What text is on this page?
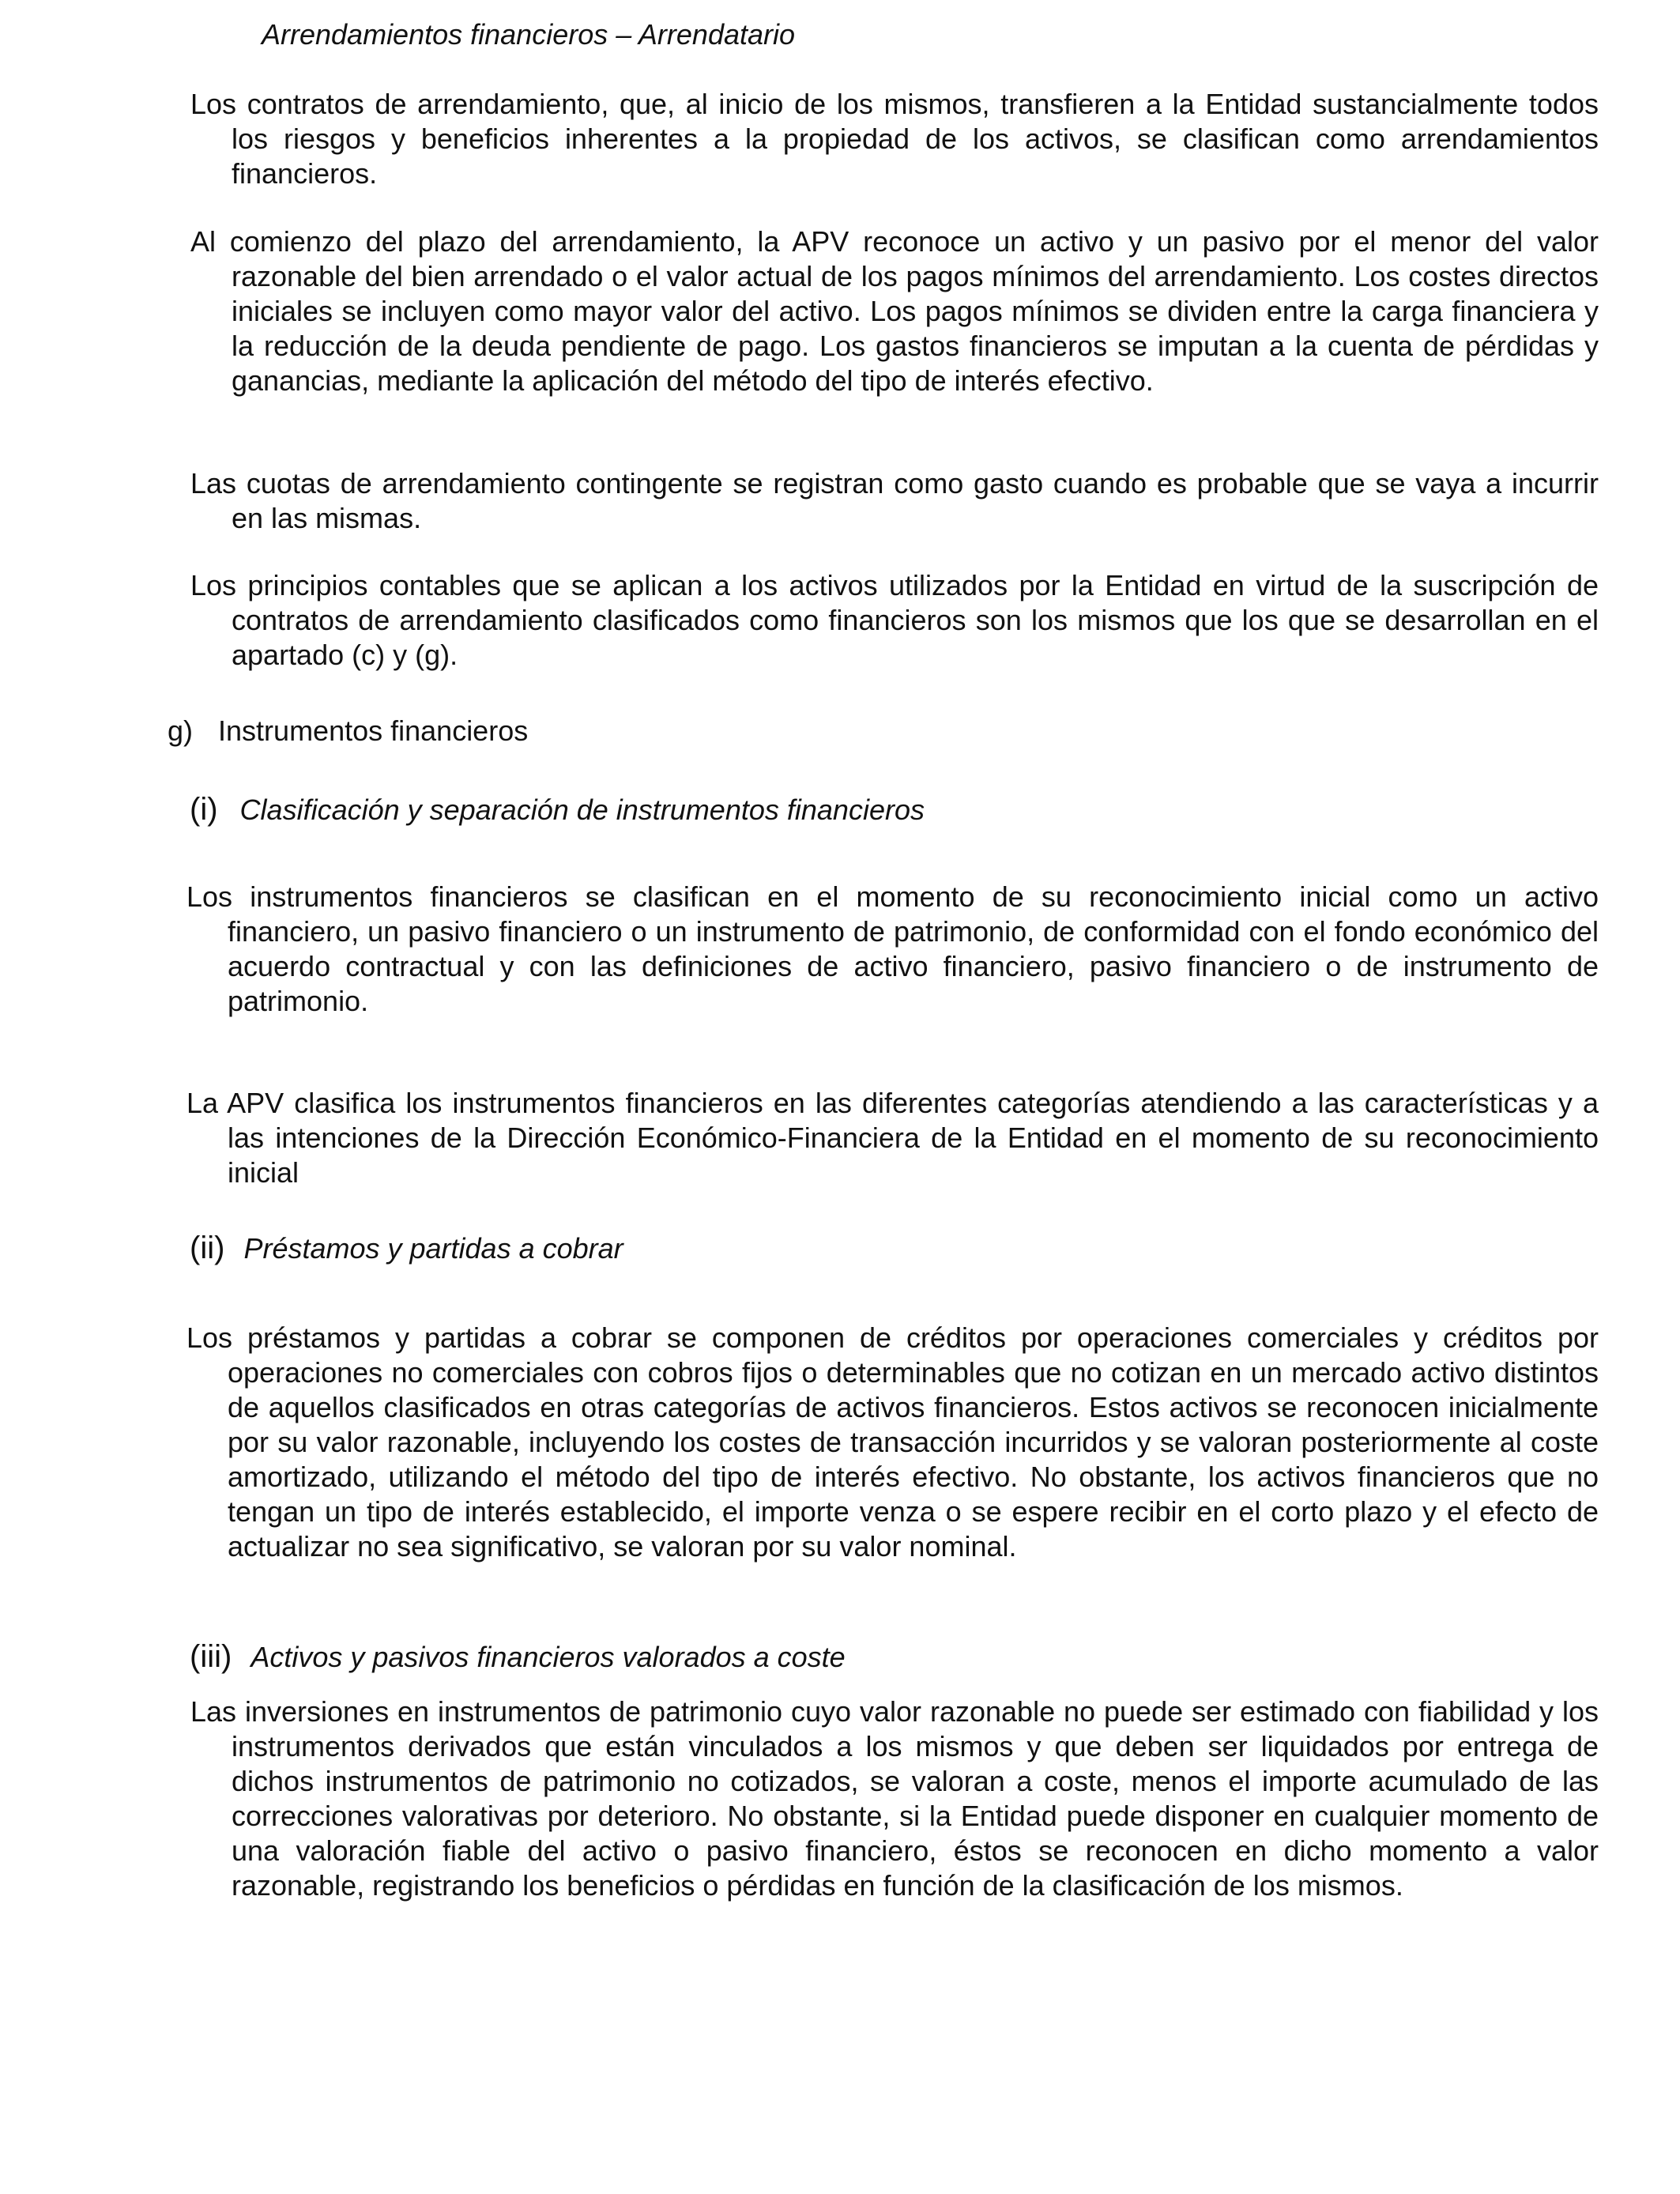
Arrendamientos financieros – Arrendatario

Los contratos de arrendamiento, que, al inicio de los mismos, transfieren a la Entidad sustancialmente todos los riesgos y beneficios inherentes a la propiedad de los activos, se clasifican como arrendamientos financieros.

Al comienzo del plazo del arrendamiento, la APV reconoce un activo y un pasivo por el menor del valor razonable del bien arrendado o el valor actual de los pagos mínimos del arrendamiento. Los costes directos iniciales se incluyen como mayor valor del activo. Los pagos mínimos se dividen entre la carga financiera y la reducción de la deuda pendiente de pago. Los gastos financieros se imputan a la cuenta de pérdidas y ganancias, mediante la aplicación del método del tipo de interés efectivo.

Las cuotas de arrendamiento contingente se registran como gasto cuando es probable que se vaya a incurrir en las mismas.

Los principios contables que se aplican a los activos utilizados por la Entidad en virtud de la suscripción de contratos de arrendamiento clasificados como financieros son los mismos que los que se desarrollan en el apartado (c) y (g).

g) Instrumentos financieros
(i) Clasificación y separación de instrumentos financieros

Los instrumentos financieros se clasifican en el momento de su reconocimiento inicial como un activo financiero, un pasivo financiero o un instrumento de patrimonio, de conformidad con el fondo económico del acuerdo contractual y con las definiciones de activo financiero, pasivo financiero o de instrumento de patrimonio.

La APV clasifica los instrumentos financieros en las diferentes categorías atendiendo a las características y a las intenciones de la Dirección Económico-Financiera de la Entidad en el momento de su reconocimiento inicial

(ii) Préstamos y partidas a cobrar

Los préstamos y partidas a cobrar se componen de créditos por operaciones comerciales y créditos por operaciones no comerciales con cobros fijos o determinables que no cotizan en un mercado activo distintos de aquellos clasificados en otras categorías de activos financieros. Estos activos se reconocen inicialmente por su valor razonable, incluyendo los costes de transacción incurridos y se valoran posteriormente al coste amortizado, utilizando el método del tipo de interés efectivo. No obstante, los activos financieros que no tengan un tipo de interés establecido, el importe venza o se espere recibir en el corto plazo y el efecto de actualizar no sea significativo, se valoran por su valor nominal.

(iii) Activos y pasivos financieros valorados a coste

Las inversiones en instrumentos de patrimonio cuyo valor razonable no puede ser estimado con fiabilidad y los instrumentos derivados que están vinculados a los mismos y que deben ser liquidados por entrega de dichos instrumentos de patrimonio no cotizados, se valoran a coste, menos el importe acumulado de las correcciones valorativas por deterioro. No obstante, si la Entidad puede disponer en cualquier momento de una valoración fiable del activo o pasivo financiero, éstos se reconocen en dicho momento a valor razonable, registrando los beneficios o pérdidas en función de la clasificación de los mismos.
